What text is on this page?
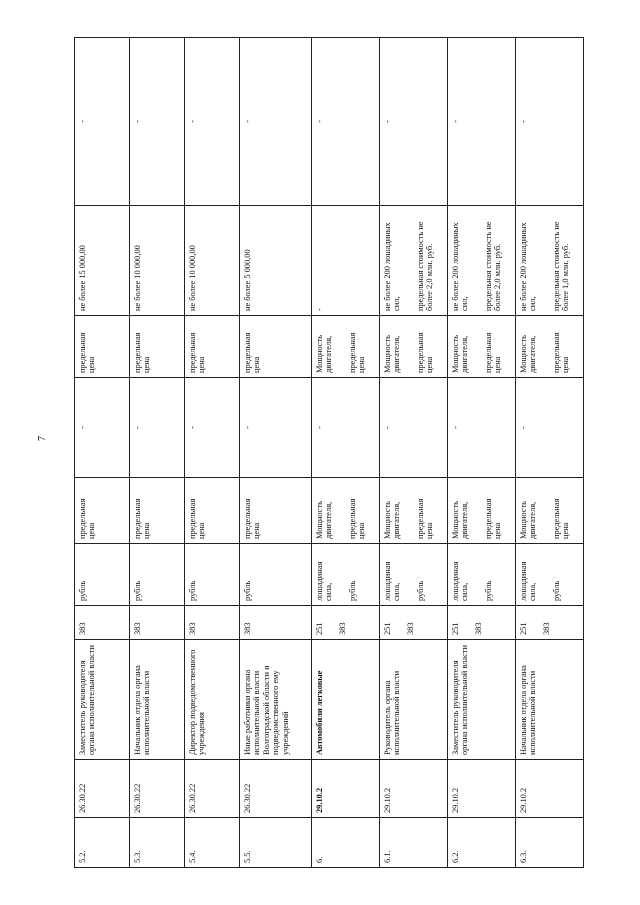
7
5.2.	26.30.22	Заместитель руководителя органа исполнительной власти	383	рубль	предельная цена	-	предельная цена	не более 15 000,00	-
5.3.	26.30.22	Начальник отдела органа исполнительной власти	383	рубль	предельная цена	-	предельная цена	не более 10 000,00	-
5.4.	26.30.22	Директор подведомственного учреждения	383	рубль	предельная цена	-	предельная цена	не более 10 000,00	-
5.5.	26.30.22	Иные работники органа исполнительной власти Волгоградской области и подведомственного ему учреждений	383	рубль	предельная цена	-	предельная цена	не более 5 000,00	-
6.	29.10.2	Автомобили легковые	251 383	лошадиная сила, рубль	Мощность двигателя, предельная цена	-	Мощность двигателя, предельная цена	-	-
6.1.	29.10.2	Руководитель органа исполнительной власти	251 383	лошадиная сила, рубль	Мощность двигателя, предельная цена	-	Мощность двигателя, предельная цена	не более 200 лошадиных сил, предельная стоимость не более 2,0 млн. руб.	-
6.2.	29.10.2	Заместитель руководителя органа исполнительной власти	251 383	лошадиная сила, рубль	Мощность двигателя, предельная цена	-	Мощность двигателя, предельная цена	не более 200 лошадиных сил, предельная стоимость не более 2,0 млн. руб.	-
6.3.	29.10.2	Начальник отдела органа исполнительной власти	251 383	лошадиная сила, рубль	Мощность двигателя, предельная цена	-	Мощность двигателя, предельная цена	не более 200 лошадиных сил, предельная стоимость не более 1,0 млн. руб.	-
